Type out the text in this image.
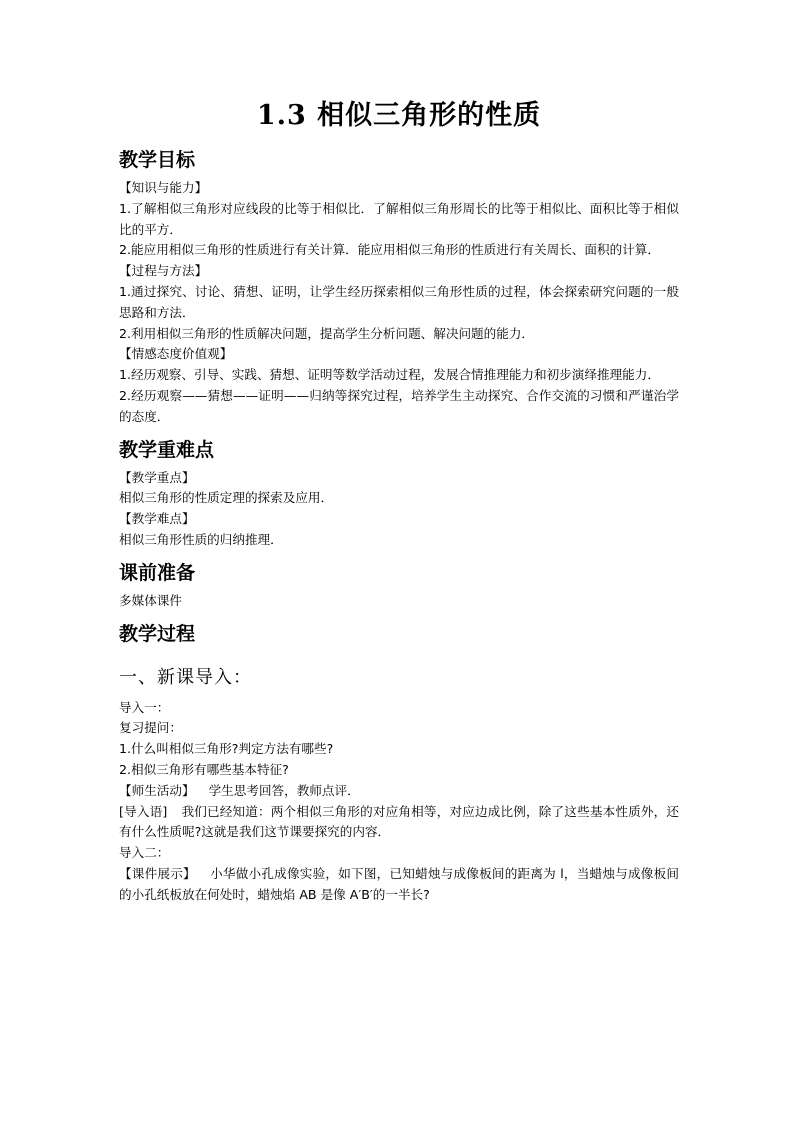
1.3 相似三角形的性质
教学目标

【知识与能力】

1.了解相似三角形对应线段的比等于相似比．了解相似三角形周长的比等于相似比、面积比等于相似比的平方．

2.能应用相似三角形的性质进行有关计算．能应用相似三角形的性质进行有关周长、面积的计算．

【过程与方法】

1.通过探究、讨论、猜想、证明，让学生经历探索相似三角形性质的过程，体会探索研究问题的一般思路和方法．

2.利用相似三角形的性质解决问题，提高学生分析问题、解决问题的能力．

【情感态度价值观】

1.经历观察、引导、实践、猜想、证明等数学活动过程，发展合情推理能力和初步演绎推理能力．

2.经历观察——猜想——证明——归纳等探究过程，培养学生主动探究、合作交流的习惯和严谨治学的态度．

教学重难点

【教学重点】

相似三角形的性质定理的探索及应用．

【教学难点】

相似三角形性质的归纳推理．

课前准备

多媒体课件

教学过程
一、新课导入：

导入一：

复习提问：

1.什么叫相似三角形?判定方法有哪些?

2.相似三角形有哪些基本特征?

【师生活动】 学生思考回答，教师点评．

[导入语] 我们已经知道：两个相似三角形的对应角相等，对应边成比例，除了这些基本性质外，还有什么性质呢?这就是我们这节课要探究的内容．

导入二：

【课件展示】 小华做小孔成像实验，如下图，已知蜡烛与成像板间的距离为 l，当蜡烛与成像板间的小孔纸板放在何处时，蜡烛焰 AB 是像 A′B′的一半长?
